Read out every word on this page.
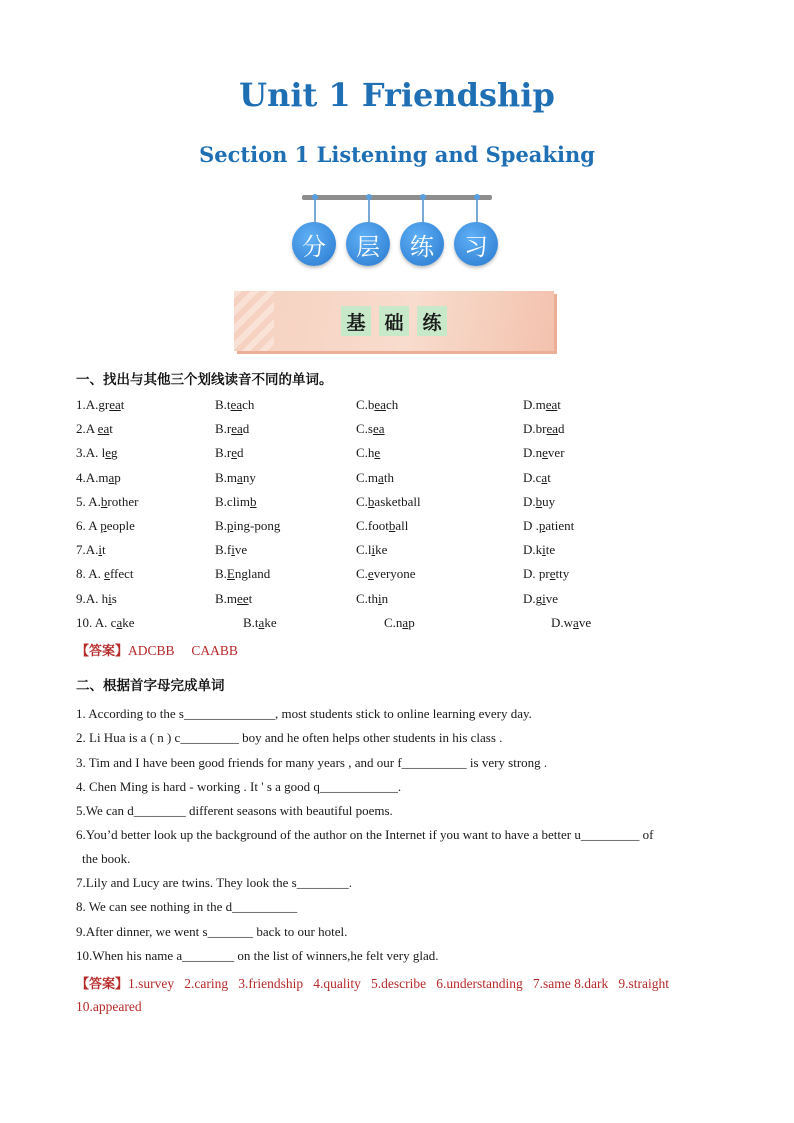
Unit 1 Friendship
Section 1 Listening and Speaking
分	层	练	习
基 础 练
一、找出与其他三个划线读音不同的单词。
1.A.great	B.teach	C.beach	D.meat
2.A eat	B.read	C.sea	D.bread
3.A. leg	B.red	C.he	D.never
4.A.map	B.many	C.math	D.cat
5. A.brother	B.climb	C.basketball	D.buy
6. A people	B.ping-pong	C.football	D .patient
7.A.it	B.five	C.like	D.kite
8. A. effect	B.England	C.everyone	D. pretty
9.A. his	B.meet	C.thin	D.give
10. A. cake	B.take	C.nap	D.wave
【答案】ADCBB     CAABB
二、根据首字母完成单词
1. According to the s______________, most students stick to online learning every day.
2. Li Hua is a ( n ) c_________ boy and he often helps other students in his class .
3. Tim and I have been good friends for many years , and our f__________ is very strong .
4. Chen Ming is hard - working . It ' s a good q____________.
5.We can d________ different seasons with beautiful poems.
6.You’d better look up the background of the author on the Internet if you want to have a better u_________ of
the book.
7.Lily and Lucy are twins. They look the s________.
8. We can see nothing in the d__________
9.After dinner, we went s_______ back to our hotel.
10.When his name a________ on the list of winners,he felt very glad.
【答案】1.survey   2.caring   3.friendship   4.quality   5.describe   6.understanding   7.same 8.dark   9.straight
10.appeared
